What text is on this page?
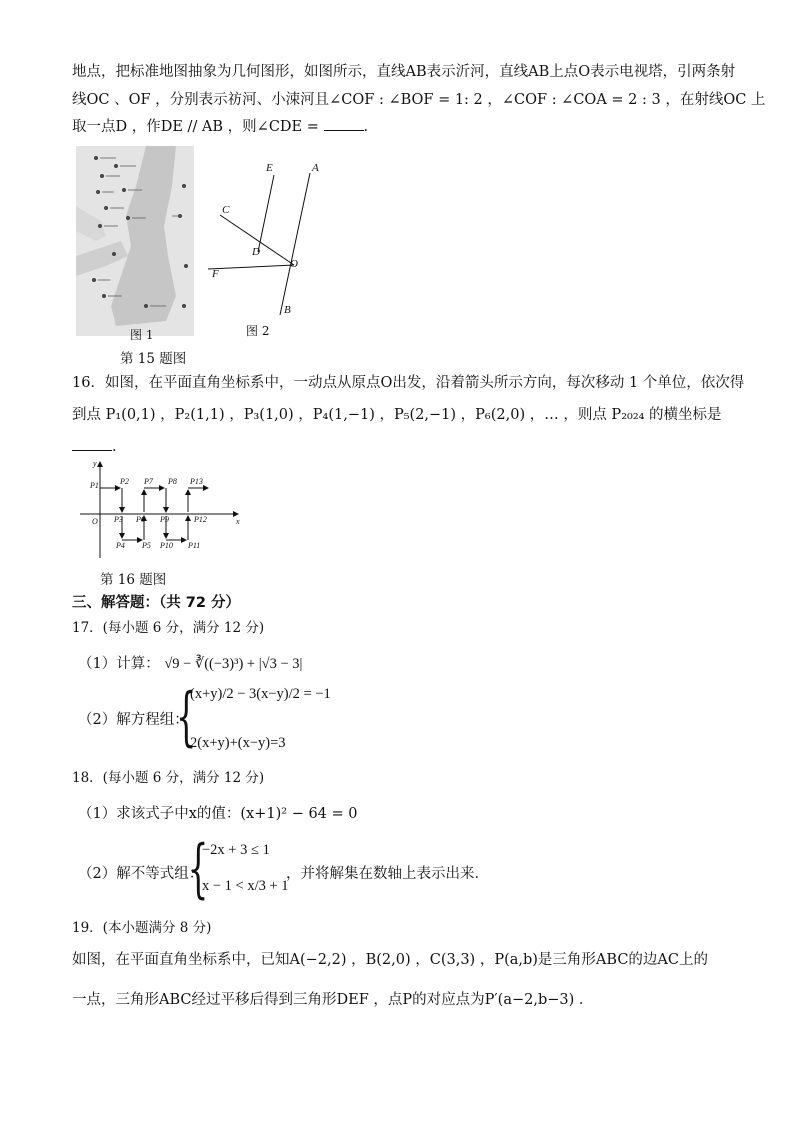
地点，把标准地图抽象为几何图形，如图所示，直线AB表示沂河，直线AB上点O表示电视塔，引两条射
线OC 、OF ，分别表示祊河、小涑河且∠COF : ∠BOF = 1: 2 ，∠COF : ∠COA = 2 : 3 ，在射线OC 上
取一点D ，作DE // AB ，则∠CDE =	.
图 1
E	A
C
D
O
F
B
图 2
第 15 题图
16．如图，在平面直角坐标系中，一动点从原点O出发，沿着箭头所示方向，每次移动 1 个单位，依次得
到点 P₁(0,1) ，P₂(1,1) ，P₃(1,0) ，P₄(1,−1) ，P₅(2,−1) ，P₆(2,0) ，… ，则点 P₂₀₂₄ 的横坐标是
.
y
x
O
P1	P2
P3
P4 P5
P6
P7 P8
P9
P10 P11
P12
P13
第 16 题图
三、解答题：（共 72 分）
17．(每小题 6 分，满分 12 分)
（1）计算： √9 − ∛((−3)³) + |√3 − 3|
（2）解方程组：
{
(x+y)/2 − 3(x−y)/2 = −1
2(x+y)+(x−y)=3
18．(每小题 6 分，满分 12 分)
（1）求该式子中x的值：(x+1)² − 64 = 0
（2）解不等式组：
{
−2x + 3 ≤ 1
x − 1 < x/3 + 1
，并将解集在数轴上表示出来．
19．(本小题满分 8 分)
如图，在平面直角坐标系中，已知A(−2,2) ，B(2,0) ，C(3,3) ，P(a,b)是三角形ABC的边AC上的
一点，三角形ABC经过平移后得到三角形DEF ，点P的对应点为P′(a−2,b−3) ．
